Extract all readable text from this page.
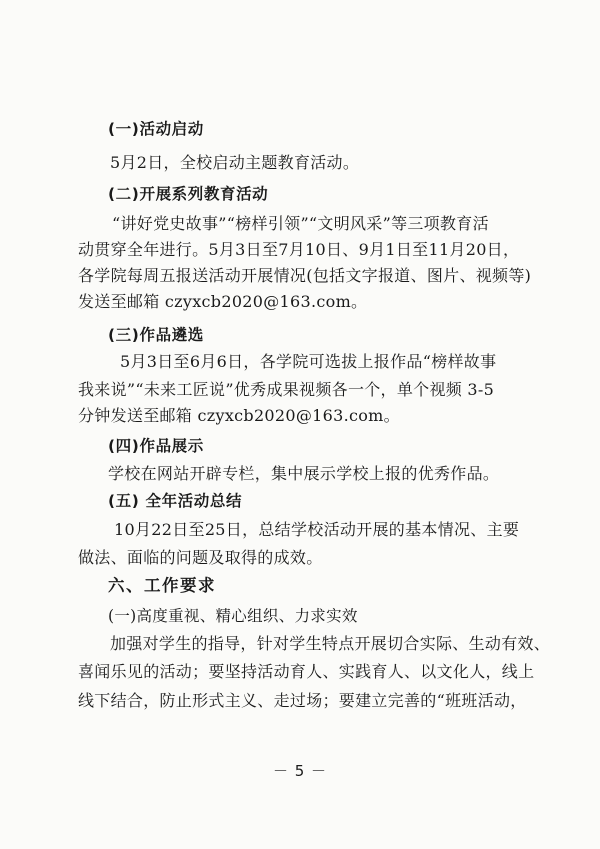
(一)活动启动
5月2日，全校启动主题教育活动。
(二)开展系列教育活动
“讲好党史故事”“榜样引领”“文明风采”等三项教育活
动贯穿全年进行。5月3日至7月10日、9月1日至11月20日，
各学院每周五报送活动开展情况(包括文字报道、图片、视频等)
发送至邮箱 czyxcb2020@163.com。
(三)作品遴选
5月3日至6月6日，各学院可选拔上报作品“榜样故事
我来说”“未来工匠说”优秀成果视频各一个，单个视频 3-5
分钟发送至邮箱 czyxcb2020@163.com。
(四)作品展示
学校在网站开辟专栏，集中展示学校上报的优秀作品。
(五) 全年活动总结
10月22日至25日，总结学校活动开展的基本情况、主要
做法、面临的问题及取得的成效。
六、工作要求
(一)高度重视、精心组织、力求实效
加强对学生的指导，针对学生特点开展切合实际、生动有效、
喜闻乐见的活动；要坚持活动育人、实践育人、以文化人，线上
线下结合，防止形式主义、走过场；要建立完善的“班班活动，
－ 5 －
